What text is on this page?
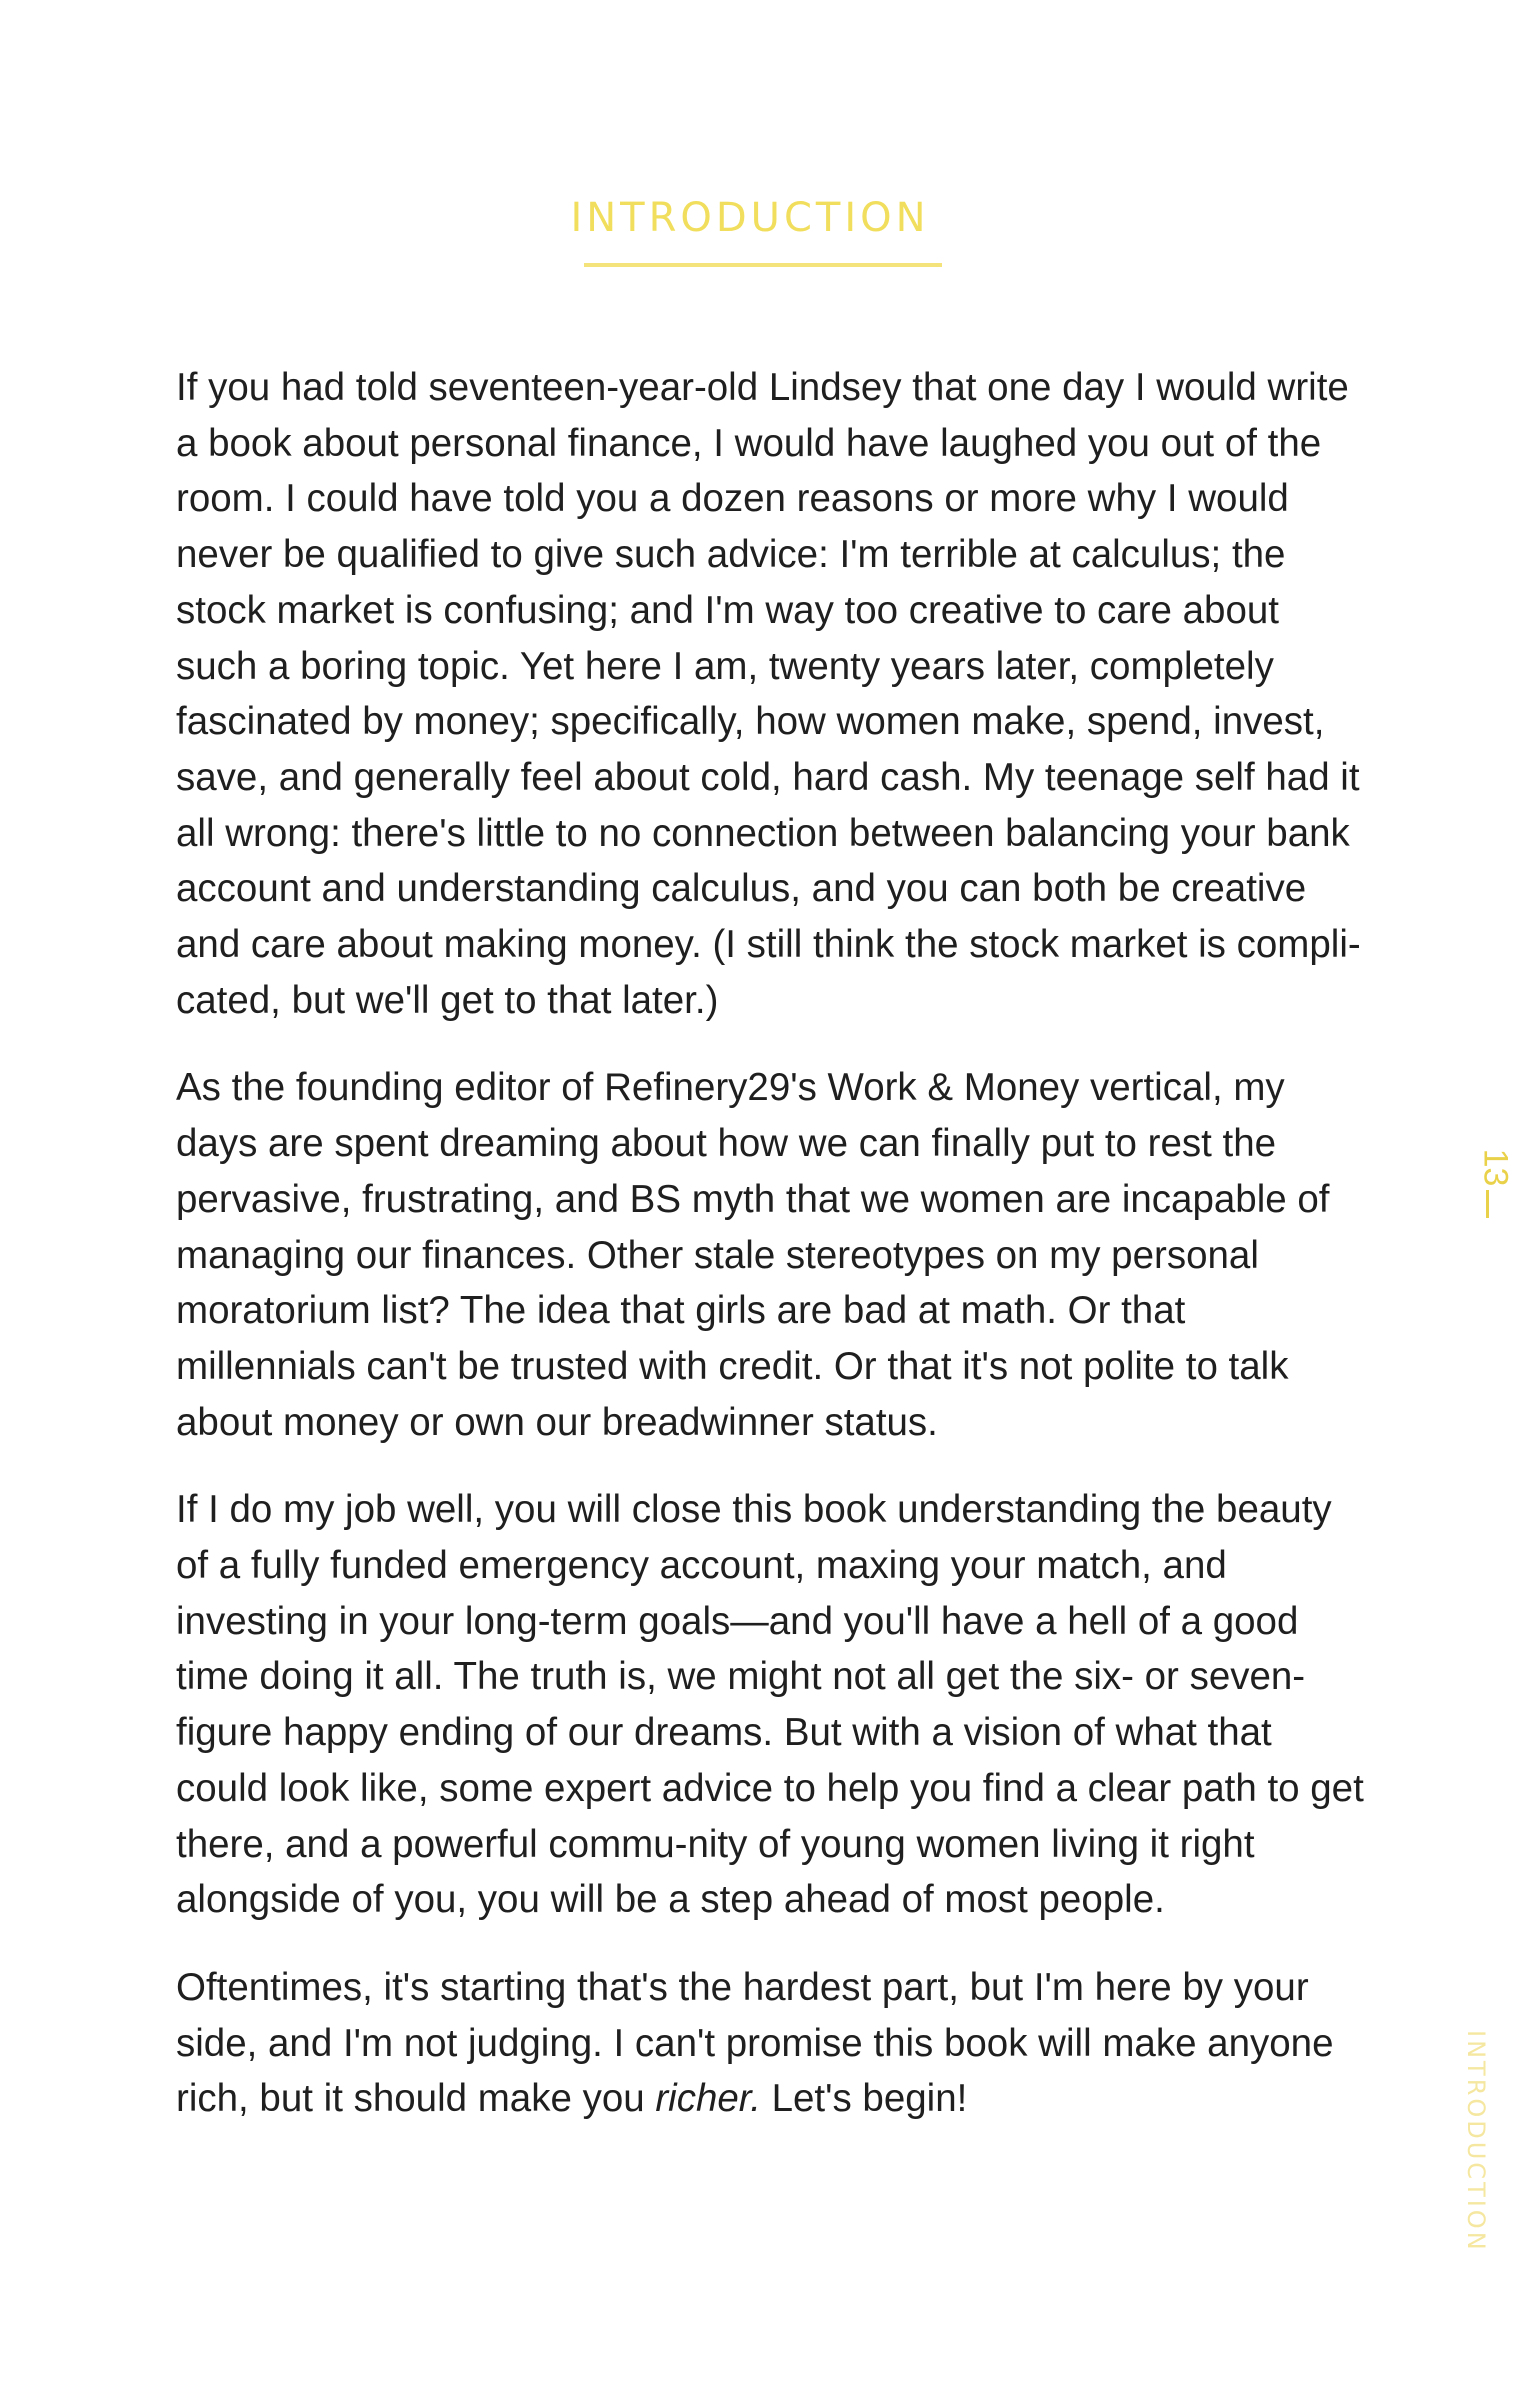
INTRODUCTION

If you had told seventeen-year-old Lindsey that one day I would write a book about personal finance, I would have laughed you out of the room. I could have told you a dozen reasons or more why I would never be qualified to give such advice: I'm terrible at calculus; the stock market is confusing; and I'm way too creative to care about such a boring topic. Yet here I am, twenty years later, completely fascinated by money; specifically, how women make, spend, invest, save, and generally feel about cold, hard cash. My teenage self had it all wrong: there's little to no connection between balancing your bank account and understanding calculus, and you can both be creative and care about making money. (I still think the stock market is compli-cated, but we'll get to that later.)

As the founding editor of Refinery29's Work & Money vertical, my days are spent dreaming about how we can finally put to rest the pervasive, frustrating, and BS myth that we women are incapable of managing our finances. Other stale stereotypes on my personal moratorium list? The idea that girls are bad at math. Or that millennials can't be trusted with credit. Or that it's not polite to talk about money or own our breadwinner status.

If I do my job well, you will close this book understanding the beauty of a fully funded emergency account, maxing your match, and investing in your long-term goals—and you'll have a hell of a good time doing it all. The truth is, we might not all get the six- or seven-figure happy ending of our dreams. But with a vision of what that could look like, some expert advice to help you find a clear path to get there, and a powerful commu-nity of young women living it right alongside of you, you will be a step ahead of most people.

Oftentimes, it's starting that's the hardest part, but I'm here by your side, and I'm not judging. I can't promise this book will make anyone rich, but it should make you richer. Let's begin!

13
INTRODUCTION
